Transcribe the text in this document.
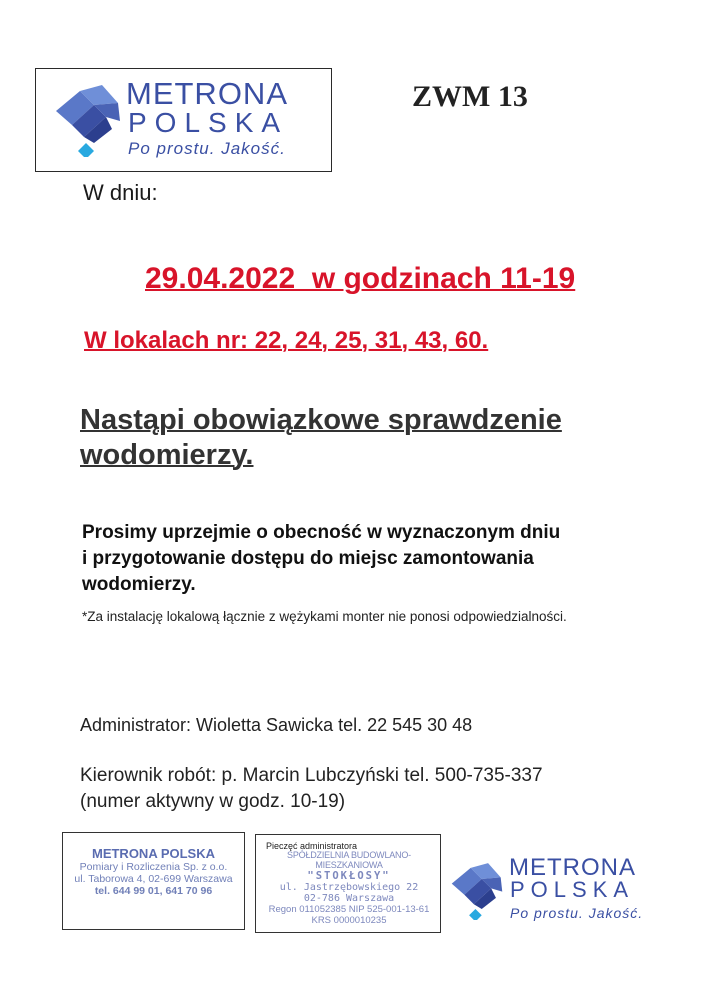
METRONA
POLSKA
Po prostu. Jakość.
ZWM 13
W dniu:
29.04.2022  w godzinach 11-19
W lokalach nr: 22, 24, 25, 31, 43, 60.
Nastąpi obowiązkowe sprawdzenie
wodomierzy.
Prosimy uprzejmie o obecność w wyznaczonym dniu
i przygotowanie dostępu do miejsc zamontowania
wodomierzy.
*Za instalację lokalową łącznie z wężykami monter nie ponosi odpowiedzialności.
Administrator: Wioletta Sawicka tel. 22 545 30 48
Kierownik robót: p. Marcin Lubczyński tel. 500-735-337
(numer aktywny w godz. 10-19)
METRONA POLSKA
Pomiary i Rozliczenia Sp. z o.o.
ul. Taborowa 4, 02-699 Warszawa
tel. 644 99 01, 641 70 96
Pieczęć administratora
SPÓŁDZIELNIA BUDOWLANO-MIESZKANIOWA
"STOKŁOSY"
ul. Jastrzębowskiego 22
02-786 Warszawa
Regon 011052385 NIP 525-001-13-61
KRS 0000010235
METRONA
POLSKA
Po prostu. Jakość.
